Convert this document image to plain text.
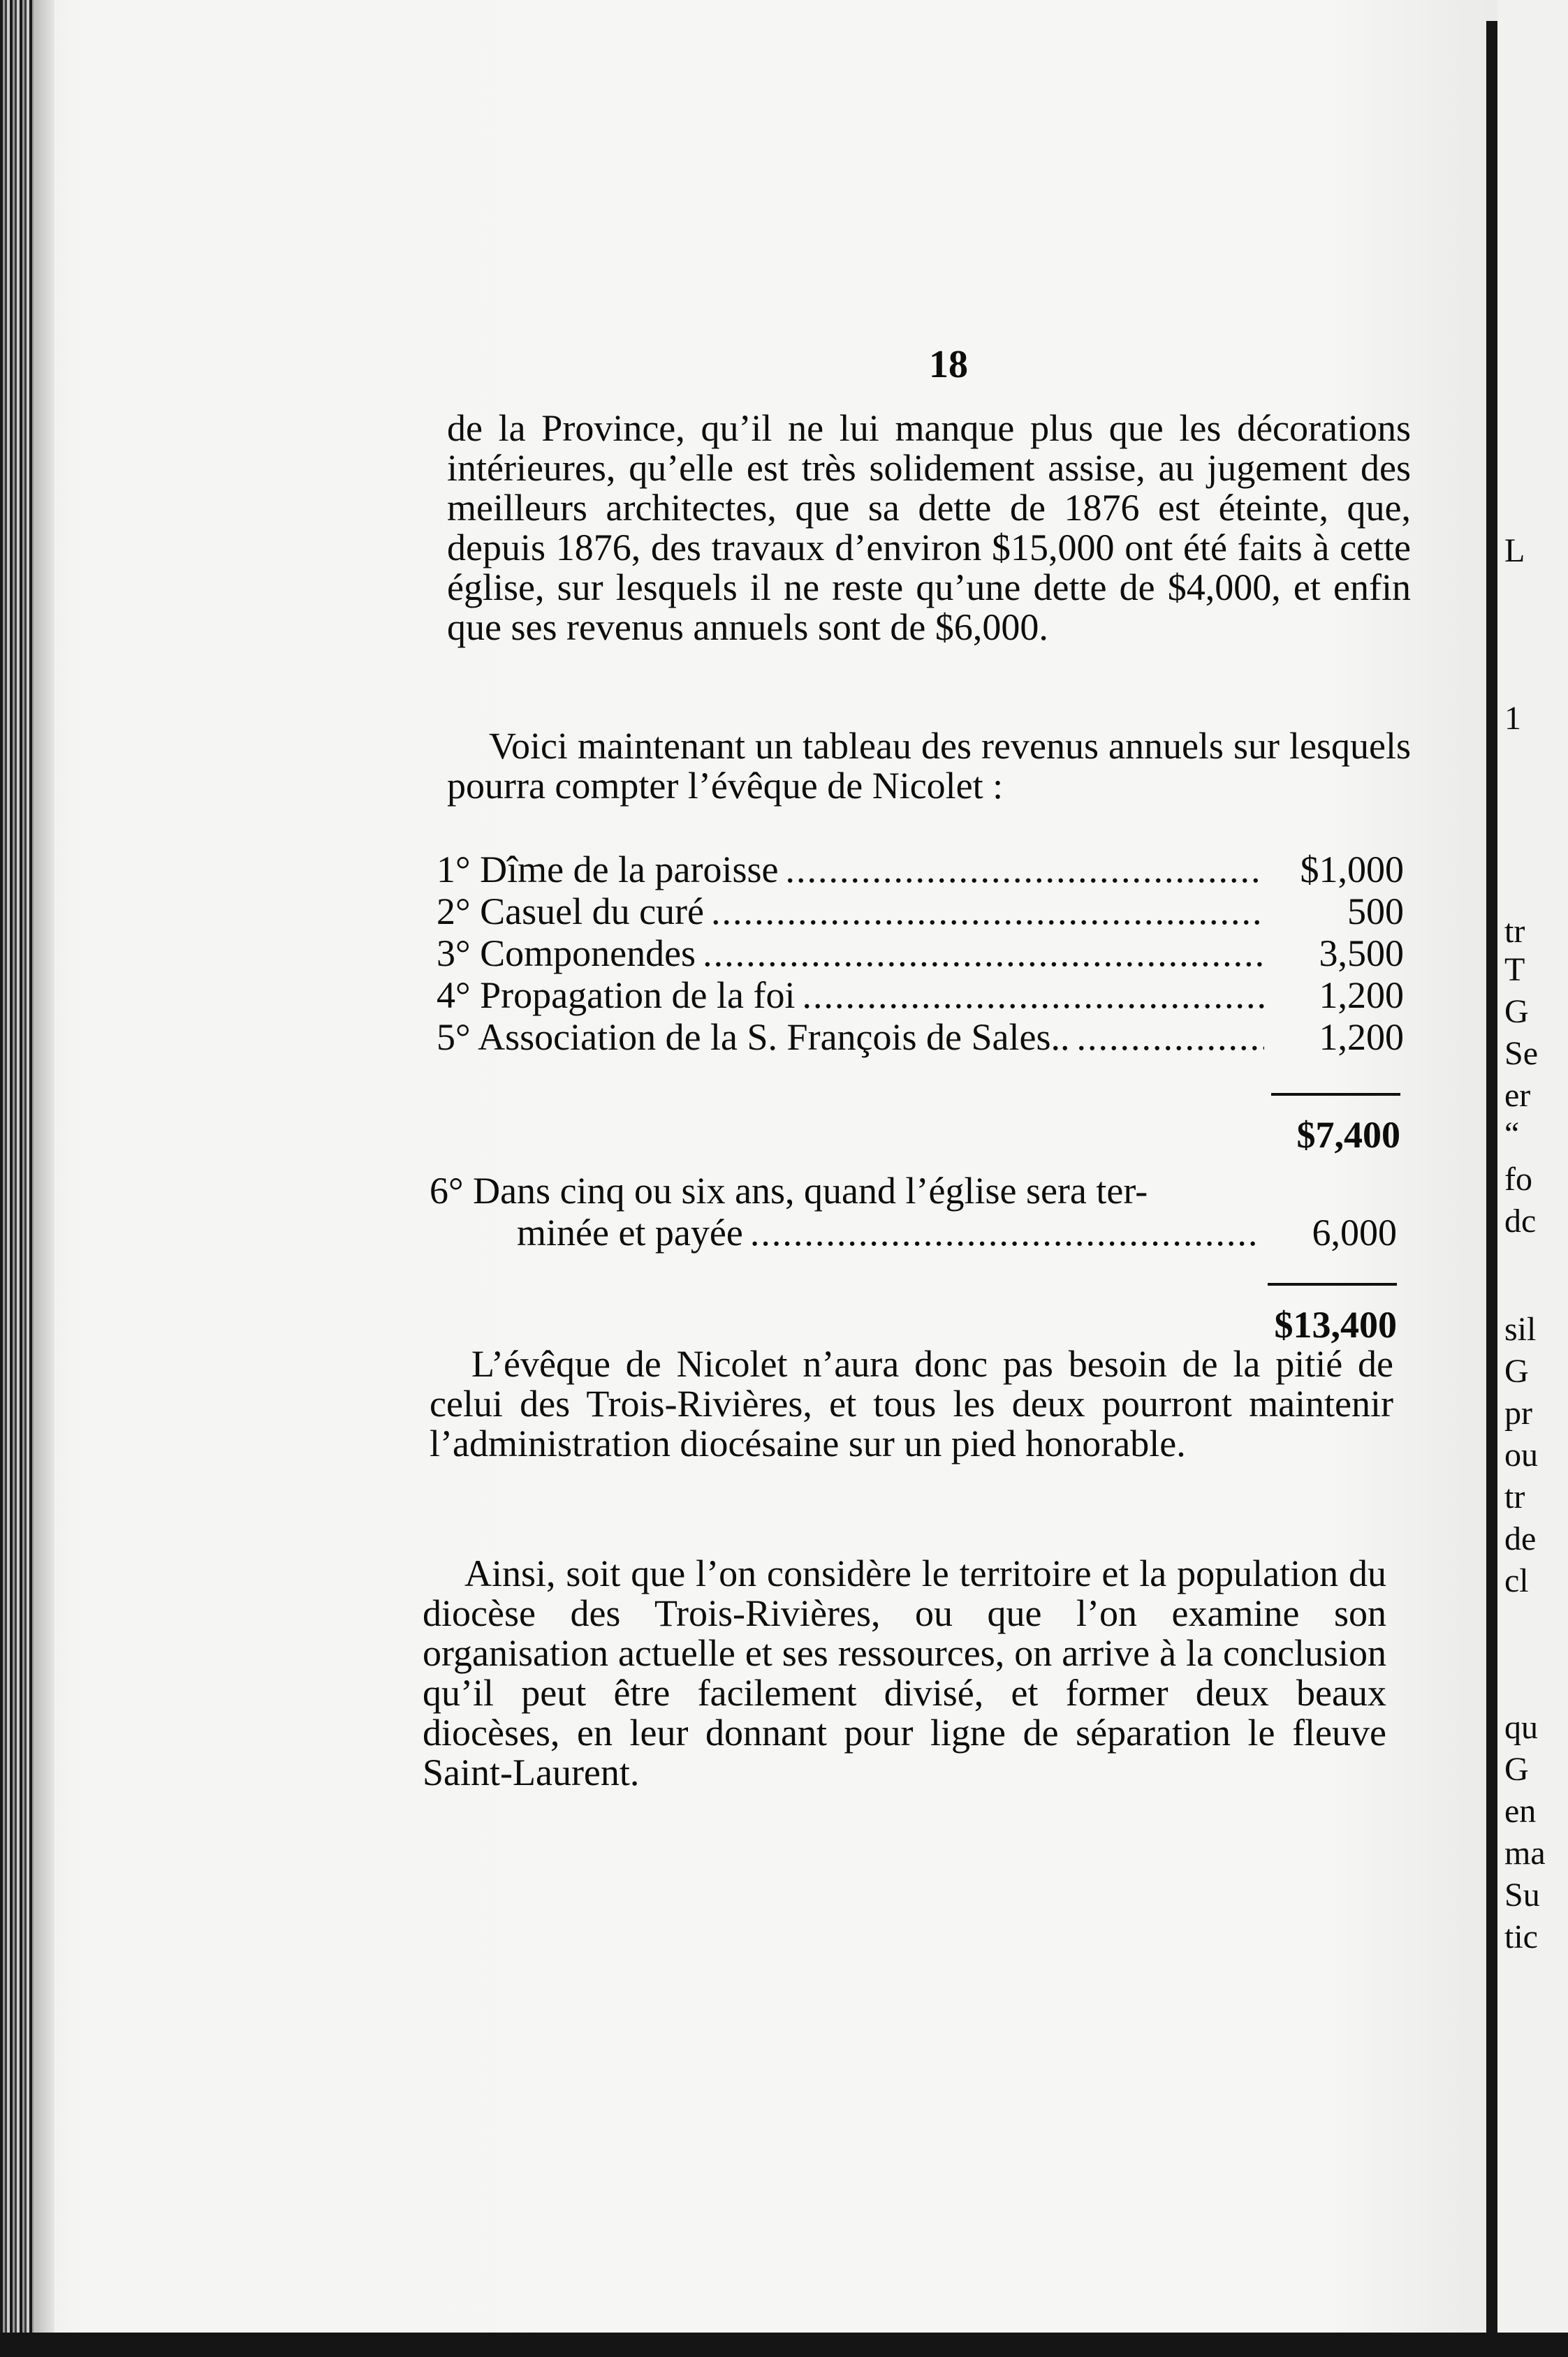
18
de la Province, qu’il ne lui manque plus que les décorations intérieures, qu’elle est très solidement assise, au jugement des meilleurs architectes, que sa dette de 1876 est éteinte, que, depuis 1876, des travaux d’environ $15,000 ont été faits à cette église, sur lesquels il ne reste qu’une dette de $4,000, et enfin que ses revenus annuels sont de $6,000.
Voici maintenant un tableau des revenus annuels sur lesquels pourra compter l’évêque de Nicolet :
1° Dîme de la paroisse .....	$1,000
2° Casuel du curé .....	500
3° Componendes .....	3,500
4° Propagation de la foi .....	1,200
5° Association de la S. François de Sales.. .....	1,200
$7,400
6° Dans cinq ou six ans, quand l’église sera ter-
minée et payée .....	6,000
$13,400
L’évêque de Nicolet n’aura donc pas besoin de la pitié de celui des Trois-Rivières, et tous les deux pourront maintenir l’administration diocésaine sur un pied honorable.
Ainsi, soit que l’on considère le territoire et la population du diocèse des Trois-Rivières, ou que l’on examine son organisation actuelle et ses ressources, on arrive à la conclusion qu’il peut être facilement divisé, et former deux beaux diocèses, en leur donnant pour ligne de séparation le fleuve Saint-Laurent.
L
1
tr
T
G
Se
er
“
fo
dc
sil
G
pr
ou
tr
de
cl
qu
G
en
ma
Su
tic
